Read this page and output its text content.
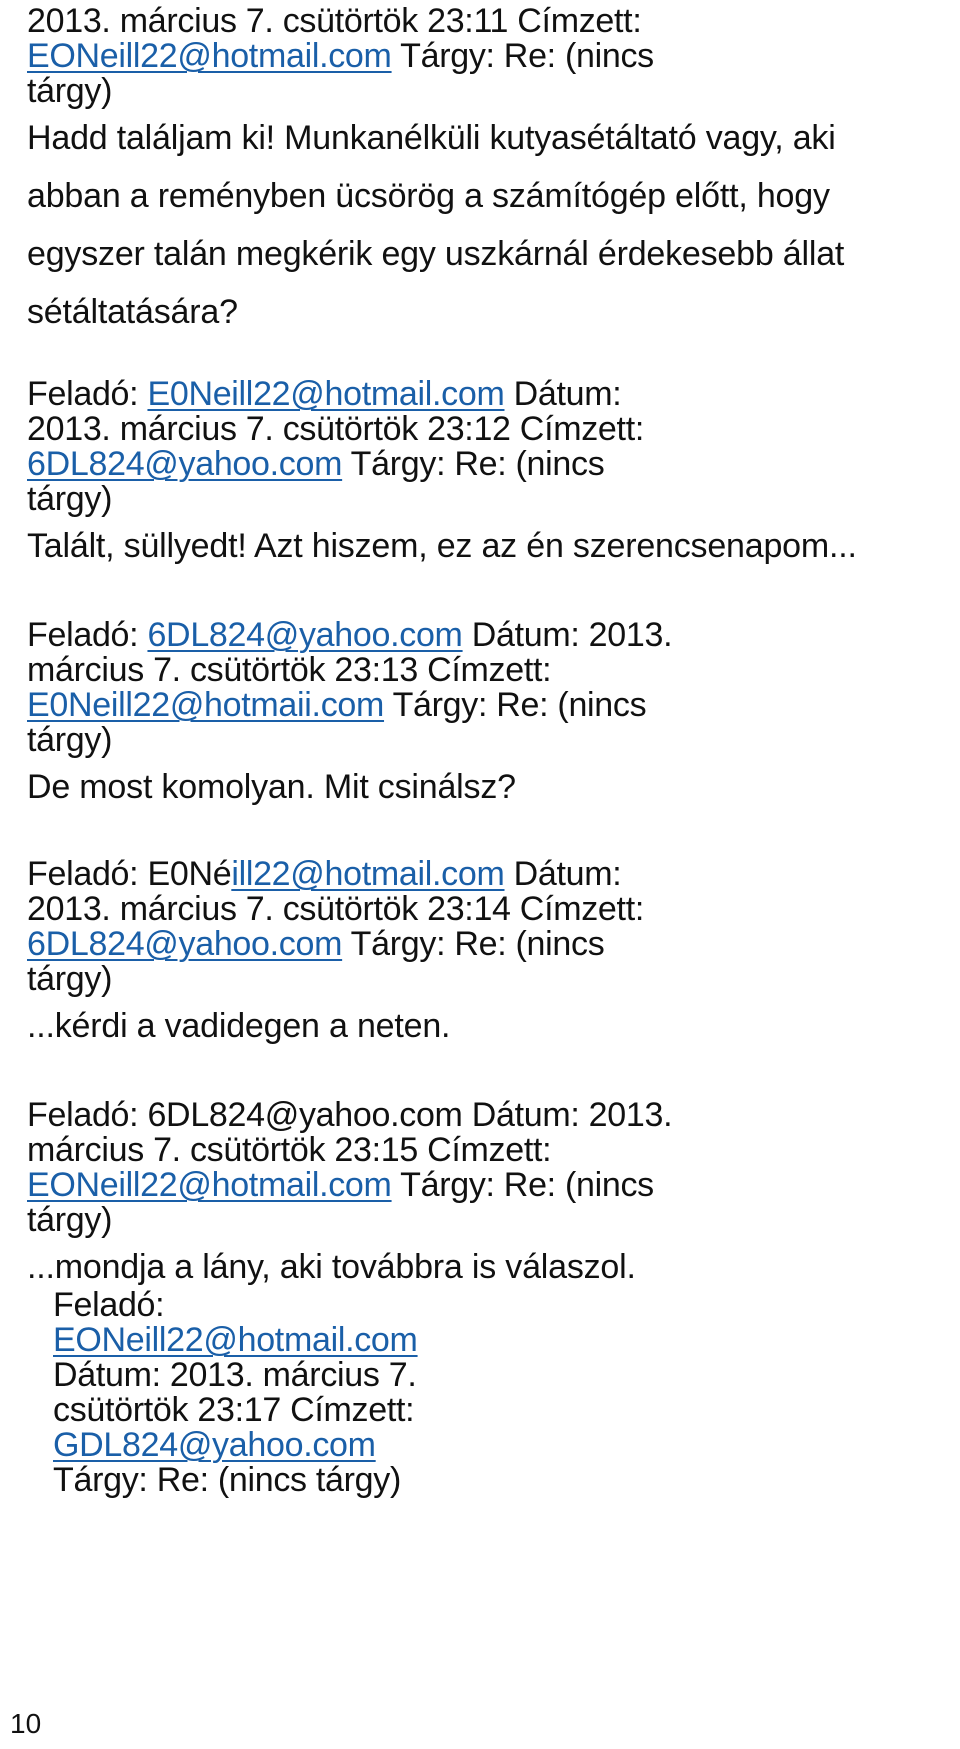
2013. március 7. csütörtök 23:11 Címzett:
EONeill22@hotmail.com Tárgy: Re: (nincs
tárgy)
Hadd találjam ki! Munkanélküli kutyasétáltató vagy, aki
abban a reményben ücsörög a számítógép előtt, hogy
egyszer talán megkérik egy uszkárnál érdekesebb állat
sétáltatására?
Feladó: E0Neill22@hotmail.com Dátum:
2013. március 7. csütörtök 23:12 Címzett:
6DL824@yahoo.com Tárgy: Re: (nincs
tárgy)
Talált, süllyedt! Azt hiszem, ez az én szerencsenapom...
Feladó: 6DL824@yahoo.com Dátum: 2013.
március 7. csütörtök 23:13 Címzett:
E0Neill22@hotmaii.com Tárgy: Re: (nincs
tárgy)
De most komolyan. Mit csinálsz?
Feladó: E0Néill22@hotmail.com Dátum:
2013. március 7. csütörtök 23:14 Címzett:
6DL824@yahoo.com Tárgy: Re: (nincs
tárgy)
...kérdi a vadidegen a neten.
Feladó: 6DL824@yahoo.com Dátum: 2013.
március 7. csütörtök 23:15 Címzett:
EONeill22@hotmail.com Tárgy: Re: (nincs
tárgy)
...mondja a lány, aki továbbra is válaszol.
Feladó:
EONeill22@hotmail.com
Dátum: 2013. március 7.
csütörtök 23:17 Címzett:
GDL824@yahoo.com
Tárgy: Re: (nincs tárgy)
10
